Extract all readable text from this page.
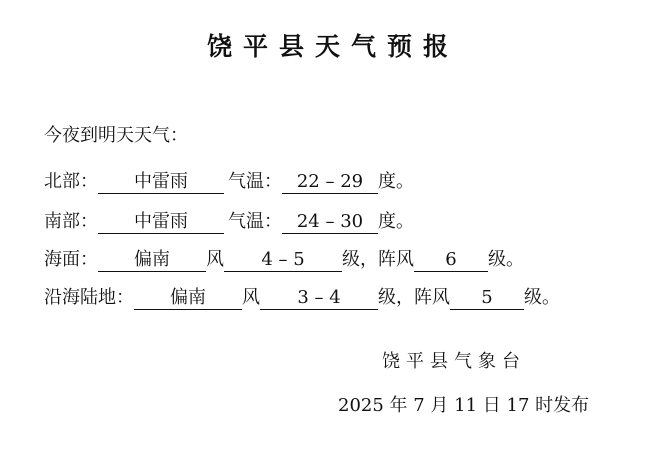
饶平县天气预报
今夜到明天天气：
北部： 中雷雨 气温： 22 – 29 度。
南部： 中雷雨 气温： 24 – 30 度。
海面： 偏南 风 4 – 5 级，阵风 6 级。
沿海陆地： 偏南 风 3 – 4 级，阵风 5 级。
饶平县气象台
2025 年 7 月 11 日 17 时发布
